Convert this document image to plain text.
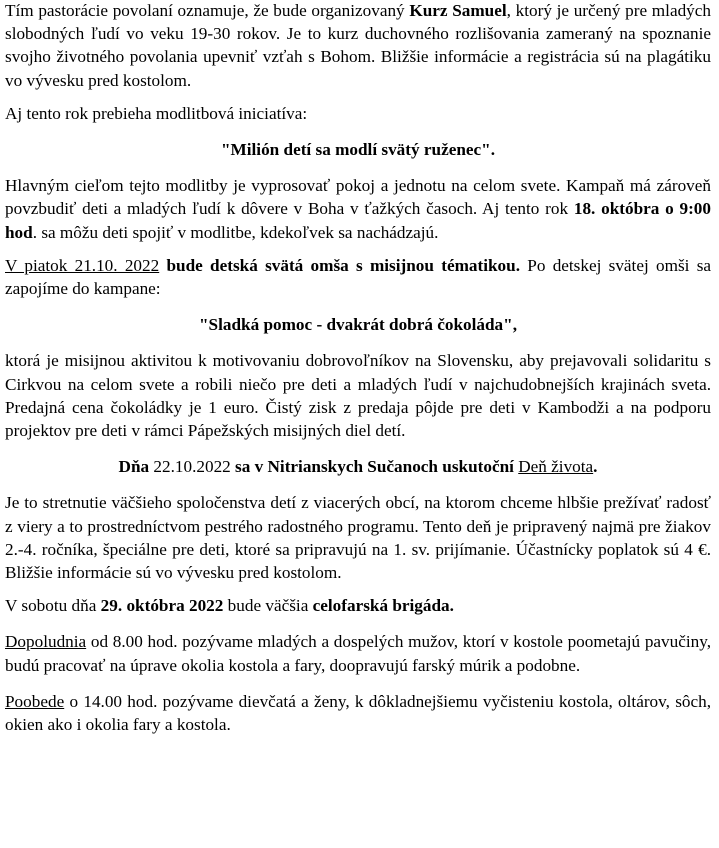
Tím pastorácie povolaní oznamuje, že bude organizovaný Kurz Samuel, ktorý je určený pre mladých slobodných ľudí vo veku 19-30 rokov. Je to kurz duchovného rozlišovania zameraný na spoznanie svojho životného povolania upevniť vzťah s Bohom. Bližšie informácie a registrácia sú na plagátiku vo vývesku pred kostolom.

Aj tento rok prebieha modlitbová iniciatíva:

"Milión detí sa modlí svätý ruženec".

Hlavným cieľom tejto modlitby je vyprosovať pokoj a jednotu na celom svete. Kampaň má zároveň povzbudiť deti a mladých ľudí k dôvere v Boha v ťažkých časoch. Aj tento rok 18. októbra o 9:00 hod. sa môžu deti spojiť v modlitbe, kdekoľvek sa nachádzajú.

V piatok 21.10. 2022 bude detská svätá omša s misijnou tématikou. Po detskej svätej omši sa zapojíme do kampane:

"Sladká pomoc - dvakrát dobrá čokoláda",

ktorá je misijnou aktivitou k motivovaniu dobrovoľníkov na Slovensku, aby prejavovali solidaritu s Cirkvou na celom svete a robili niečo pre deti a mladých ľudí v najchudobnejších krajinách sveta. Predajná cena čokoládky je 1 euro. Čistý zisk z predaja pôjde pre deti v Kambodži a na podporu projektov pre deti v rámci Pápežských misijných diel detí.

Dňa 22.10.2022 sa v Nitrianskych Sučanoch uskutoční Deň života.

Je to stretnutie väčšieho spoločenstva detí z viacerých obcí, na ktorom chceme hlbšie prežívať radosť z viery a to prostredníctvom pestrého radostného programu. Tento deň je pripravený najmä pre žiakov 2.-4. ročníka, špeciálne pre deti, ktoré sa pripravujú na 1. sv. prijímanie. Účastnícky poplatok sú 4 €. Bližšie informácie sú vo vývesku pred kostolom.

V sobotu dňa 29. októbra 2022 bude väčšia celofarská brigáda.

Dopoludnia od 8.00 hod. pozývame mladých a dospelých mužov, ktorí v kostole poometajú pavučiny, budú pracovať na úprave okolia kostola a fary, doopravujú farský múrik a podobne.

Poobede o 14.00 hod. pozývame dievčatá a ženy, k dôkladnejšiemu vyčisteniu kostola, oltárov, sôch, okien ako i okolia fary a kostola.
